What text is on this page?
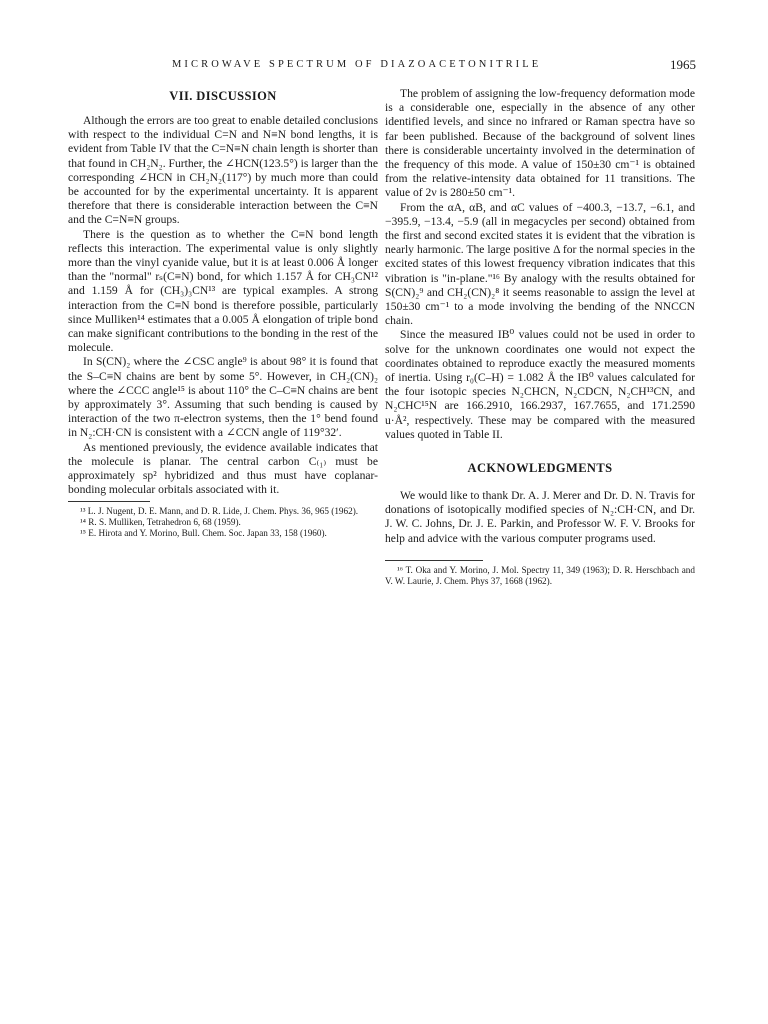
MICROWAVE SPECTRUM OF DIAZOACETONITRILE	1965
VII. DISCUSSION

Although the errors are too great to enable detailed conclusions with respect to the individual C=N and N≡N bond lengths, it is evident from Table IV that the C=N≡N chain length is shorter than that found in CH₂N₂. Further, the ∠HCN(123.5°) is larger than the corresponding ∠HCN in CH₂N₂(117°) by much more than could be accounted for by the experimental uncertainty. It is apparent therefore that there is considerable interaction between the C≡N and the C=N≡N groups.

There is the question as to whether the C≡N bond length reflects this interaction. The experimental value is only slightly more than the vinyl cyanide value, but it is at least 0.006 Å longer than the "normal" rₛ(C≡N) bond, for which 1.157 Å for CH₃CN¹² and 1.159 Å for (CH₃)₃CN¹³ are typical examples. A strong interaction from the C≡N bond is therefore possible, particularly since Mulliken¹⁴ estimates that a 0.005 Å elongation of triple bond can make significant contributions to the bonding in the rest of the molecule.

In S(CN)₂ where the ∠CSC angle⁹ is about 98° it is found that the S–C≡N chains are bent by some 5°. However, in CH₂(CN)₂ where the ∠CCC angle¹⁵ is about 110° the C–C≡N chains are bent by approximately 3°. Assuming that such bending is caused by interaction of the two π-electron systems, then the 1° bend found in N₂:CH·CN is consistent with a ∠CCN angle of 119°32′.

As mentioned previously, the evidence available indicates that the molecule is planar. The central carbon C₍₁₎ must be approximately sp² hybridized and thus must have coplanar-bonding molecular orbitals associated with it.

¹³ L. J. Nugent, D. E. Mann, and D. R. Lide, J. Chem. Phys. 36, 965 (1962).

¹⁴ R. S. Mulliken, Tetrahedron 6, 68 (1959).

¹⁵ E. Hirota and Y. Morino, Bull. Chem. Soc. Japan 33, 158 (1960).

The problem of assigning the low-frequency deformation mode is a considerable one, especially in the absence of any other identified levels, and since no infrared or Raman spectra have so far been published. Because of the background of solvent lines there is considerable uncertainty involved in the determination of the frequency of this mode. A value of 150±30 cm⁻¹ is obtained from the relative-intensity data obtained for 11 transitions. The value of 2ν is 280±50 cm⁻¹.

From the αA, αB, and αC values of −400.3, −13.7, −6.1, and −395.9, −13.4, −5.9 (all in megacycles per second) obtained from the first and second excited states it is evident that the vibration is nearly harmonic. The large positive Δ for the normal species in the excited states of this lowest frequency vibration indicates that this vibration is "in-plane."¹⁶ By analogy with the results obtained for S(CN)₂⁹ and CH₂(CN)₂⁸ it seems reasonable to assign the level at 150±30 cm⁻¹ to a mode involving the bending of the NNCCN chain.

Since the measured IB⁰ values could not be used in order to solve for the unknown coordinates one would not expect the coordinates obtained to reproduce exactly the measured moments of inertia. Using r₀(C–H) = 1.082 Å the IB⁰ values calculated for the four isotopic species N₂CHCN, N₂CDCN, N₂CH¹³CN, and N₂CHC¹⁵N are 166.2910, 166.2937, 167.7655, and 171.2590 u·Å², respectively. These may be compared with the measured values quoted in Table II.

ACKNOWLEDGMENTS

We would like to thank Dr. A. J. Merer and Dr. D. N. Travis for donations of isotopically modified species of N₂:CH·CN, and Dr. J. W. C. Johns, Dr. J. E. Parkin, and Professor W. F. V. Brooks for help and advice with the various computer programs used.

¹⁶ T. Oka and Y. Morino, J. Mol. Spectry 11, 349 (1963); D. R. Herschbach and V. W. Laurie, J. Chem. Phys 37, 1668 (1962).
